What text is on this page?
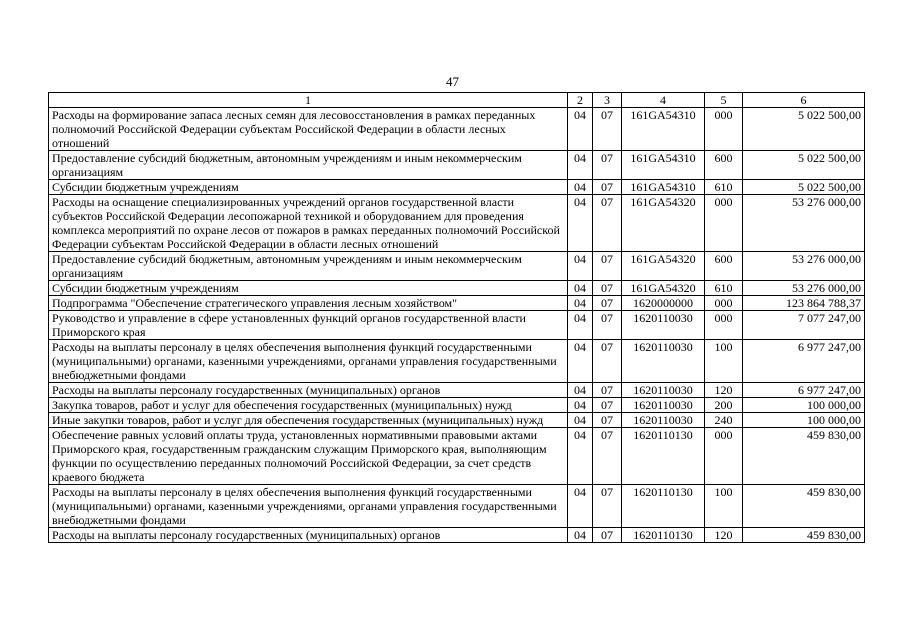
47
1	2	3	4	5	6
Расходы на формирование запаса лесных семян для лесовосстановления в рамках переданных полномочий Российской Федерации субъектам Российской Федерации в области лесных отношений	04	07	161GA54310	000	5 022 500,00
Предоставление субсидий бюджетным, автономным учреждениям и иным некоммерческим организациям	04	07	161GA54310	600	5 022 500,00
Субсидии бюджетным учреждениям	04	07	161GA54310	610	5 022 500,00
Расходы на оснащение специализированных учреждений органов государственной власти субъектов Российской Федерации лесопожарной техникой и оборудованием для проведения комплекса мероприятий по охране лесов от пожаров в рамках переданных полномочий Российской Федерации субъектам Российской Федерации в области лесных отношений	04	07	161GA54320	000	53 276 000,00
Предоставление субсидий бюджетным, автономным учреждениям и иным некоммерческим организациям	04	07	161GA54320	600	53 276 000,00
Субсидии бюджетным учреждениям	04	07	161GA54320	610	53 276 000,00
Подпрограмма "Обеспечение стратегического управления лесным хозяйством"	04	07	1620000000	000	123 864 788,37
Руководство и управление в сфере установленных функций органов государственной власти Приморского края	04	07	1620110030	000	7 077 247,00
Расходы на выплаты персоналу в целях обеспечения выполнения функций государственными (муниципальными) органами, казенными учреждениями, органами управления государственными внебюджетными фондами	04	07	1620110030	100	6 977 247,00
Расходы на выплаты персоналу государственных (муниципальных) органов	04	07	1620110030	120	6 977 247,00
Закупка товаров, работ и услуг для обеспечения государственных (муниципальных) нужд	04	07	1620110030	200	100 000,00
Иные закупки товаров, работ и услуг для обеспечения государственных (муниципальных) нужд	04	07	1620110030	240	100 000,00
Обеспечение равных условий оплаты труда, установленных нормативными правовыми актами Приморского края, государственным гражданским служащим Приморского края, выполняющим функции по осуществлению переданных полномочий Российской Федерации, за счет средств краевого бюджета	04	07	1620110130	000	459 830,00
Расходы на выплаты персоналу в целях обеспечения выполнения функций государственными (муниципальными) органами, казенными учреждениями, органами управления государственными внебюджетными фондами	04	07	1620110130	100	459 830,00
Расходы на выплаты персоналу государственных (муниципальных) органов	04	07	1620110130	120	459 830,00
